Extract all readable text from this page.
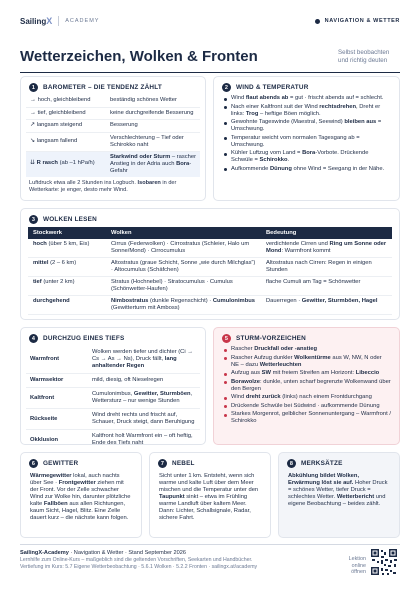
SailingX ACADEMY	NAVIGATION & WETTER
Wetterzeichen, Wolken & Fronten	Selbst beobachten und richtig deuten
1	BAROMETER – DIE TENDENZ ZÄHLT
→ hoch, gleichbleibend	beständig schönes Wetter
→ tief, gleichbleibend	keine durchgreifende Besserung
↗ langsam steigend	Besserung
↘ langsam fallend	Verschlechterung – Tief oder Schirokko naht
⇊ R rasch (ab –1 hPa/h)	Starkwind oder Sturm – rascher Anstieg in der Adria auch Bora-Gefahr
Luftdruck etwa alle 2 Stunden ins Logbuch. Isobaren in der Wetterkarte: je enger, desto mehr Wind.
2	WIND & TEMPERATUR
Wind flaut abends ab = gut · frischt abends auf = schlecht.
Nach einer Kaltfront suit der Wind rechtsdrehen, Dreht er links: Trog – heftige Böen möglich.
Gewohnte Tageswinde (Maestral, Seewind) bleiben aus = Umschwung.
Temperatur weicht vom normalen Tagesgang ab = Umschwung.
Kühler Luftzug vom Land = Bora-Vorbote. Drückende Schwüle = Schirokko.
Aufkommende Dünung ohne Wind = Seegang in der Nähe.
3	WOLKEN LESEN
Stockwerk	Wolken	Bedeutung
hoch (über 5 km, Eis)	Cirrus (Federwolken) · Cirrostratus (Schleier, Halo um Sonne/Mond) · Cirrocumulus	verdichtende Cirren und Ring um Sonne oder Mond: Warmfront kommt
mittel (2 – 6 km)	Altostratus (graue Schicht, Sonne „wie durch Milchglas“) · Altocumulus (Schäfchen)	Altostratus nach Cirren: Regen in einigen Stunden
tief (unter 2 km)	Stratus (Hochnebel) · Stratocumulus · Cumulus (Schönwetter-Haufen)	flache Cumuli am Tag = Schönwetter
durchgehend	Nimbostratus (dunkle Regenschicht) · Cumulonimbus (Gewitterturm mit Amboss)	Dauerregen · Gewitter, Sturmböen, Hagel
4	DURCHZUG EINES TIEFS
Warmfront	Wolken werden tiefer und dichter (Ci → Cs → As → Ns), Druck fällt, lang anhaltender Regen
Warmsektor	mild, diesig, oft Nieselregen
Kaltfront	Cumulonimbus, Gewitter, Sturmböen, Wettersturz – nur wenige Stunden
Rückseite	Wind dreht rechts und frischt auf, Schauer, Druck steigt, dann Beruhigung
Okklusion	Kaltfront holt Warmfront ein – oft heftig, Ende des Tiefs naht
5	STURM-VORZEICHEN
Rascher Druckfall oder -anstieg
Rascher Aufzug dunkler Wolkentürme aus W, NW, N oder NE – dazu Wetterleuchten
Aufzug aus SW mit freiem Streifen am Horizont: Libeccio
Borawolze: dunkle, unten scharf begrenzte Wolkenwand über den Bergen
Wind dreht zurück (links) nach einem Frontdurchgang
Drückende Schwüle bei Südwind · aufkommende Dünung
Starkes Morgenrot, gelblicher Sonnenuntergang – Warmfront / Schirokko
6	GEWITTER
Wärmegewitter lokal, auch nachts über See · Frontgewitter ziehen mit der Front. Vor der Zelle schwacher Wind zur Wolke hin, darunter plötzliche kalte Fallböen aus allen Richtungen, kaum Sicht, Hagel, Blitz. Eine Zelle dauert kurz – die nächste kann folgen.
7	NEBEL
Sicht unter 1 km. Entsteht, wenn sich warme und kalte Luft über dem Meer mischen und die Temperatur unter den Taupunkt sinkt – etwa im Frühling warme Landluft über kaltem Meer. Dann: Lichter, Schallsignale, Radar, sichere Fahrt.
8	MERKSÄTZE
Abkühlung bildet Wolken, Erwärmung löst sie auf. Hoher Druck = schönes Wetter, tiefer Druck = schlechtes Wetter. Wetterbericht und eigene Beobachtung – beides zählt.
SailingX-Academy · Navigation & Wetter · Stand September 2026
Lernhilfe zum Online-Kurs – maßgeblich sind die geltenden Vorschriften, Seekarten und Handbücher.
Vertiefung im Kurs: 5.7 Eigene Wetterbeobachtung · 5.6.1 Wolken · 5.2.2 Fronten · sailingx.at/academy
Lektion online öffnen
